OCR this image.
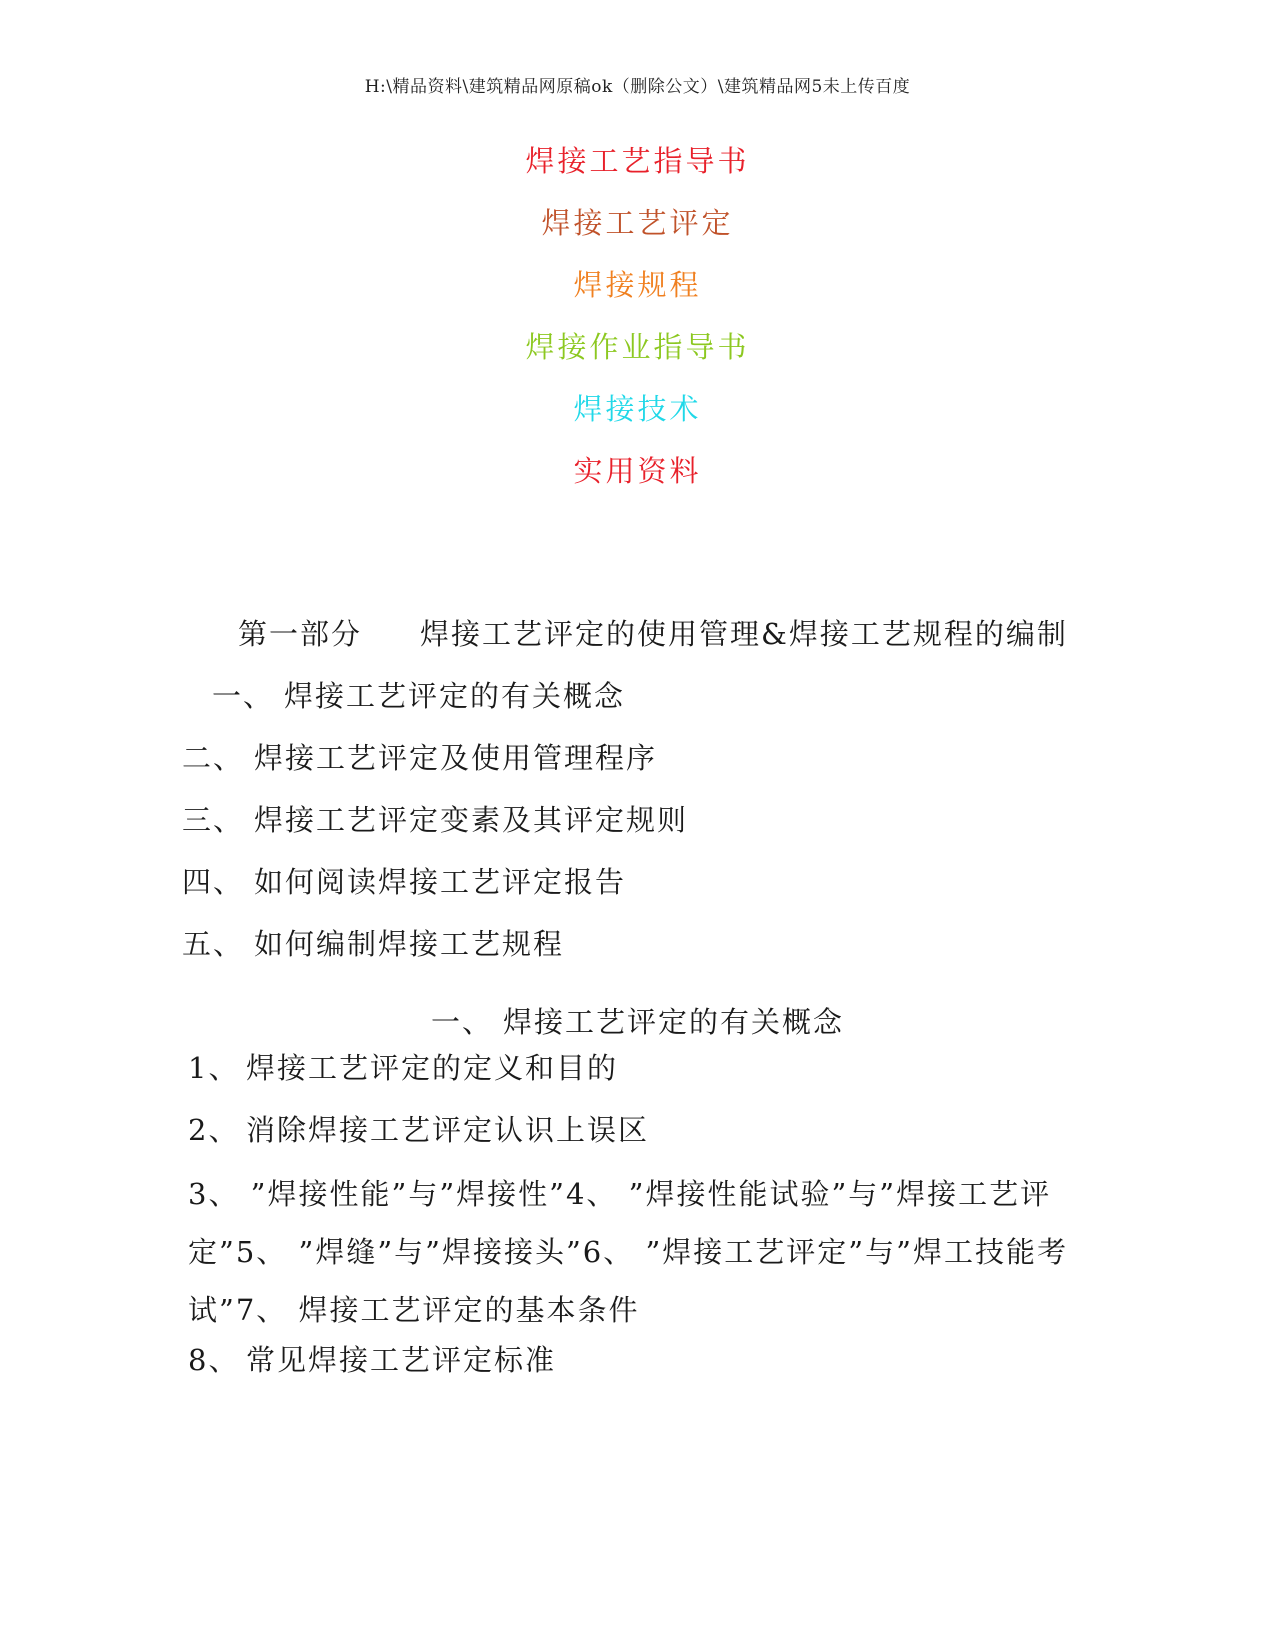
H:\精品资料\建筑精品网原稿ok（删除公文）\建筑精品网5未上传百度
焊接工艺指导书
焊接工艺评定
焊接规程
焊接作业指导书
焊接技术
实用资料
第一部分 焊接工艺评定的使用管理&焊接工艺规程的编制
一、 焊接工艺评定的有关概念
二、 焊接工艺评定及使用管理程序
三、 焊接工艺评定变素及其评定规则
四、 如何阅读焊接工艺评定报告
五、 如何编制焊接工艺规程
一、 焊接工艺评定的有关概念
1、 焊接工艺评定的定义和目的
2、 消除焊接工艺评定认识上误区
3、 ”焊接性能”与”焊接性”4、 ”焊接性能试验”与”焊接工艺评定”5、 ”焊缝”与”焊接接头”6、 ”焊接工艺评定”与”焊工技能考试”7、 焊接工艺评定的基本条件
8、 常见焊接工艺评定标准
